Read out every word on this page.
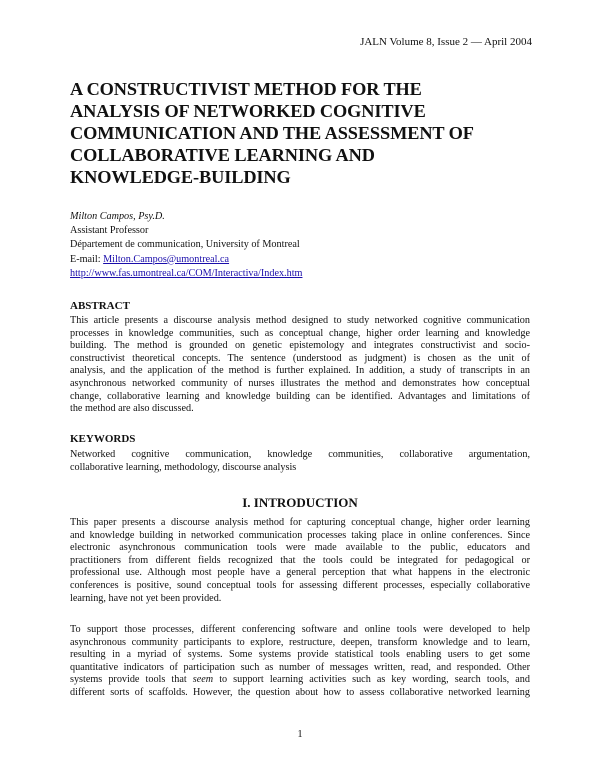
JALN Volume 8, Issue 2 — April 2004
A CONSTRUCTIVIST METHOD FOR THE
ANALYSIS OF NETWORKED COGNITIVE
COMMUNICATION AND THE ASSESSMENT OF
COLLABORATIVE LEARNING AND
KNOWLEDGE-BUILDING
Milton Campos, Psy.D.
Assistant Professor
Département de communication, University of Montreal
E-mail: Milton.Campos@umontreal.ca
http://www.fas.umontreal.ca/COM/Interactiva/Index.htm
ABSTRACT
This article presents a discourse analysis method designed to study networked cognitive communication
processes in knowledge communities, such as conceptual change, higher order learning and knowledge
building. The method is grounded on genetic epistemology and integrates constructivist and socio-
constructivist theoretical concepts. The sentence (understood as judgment) is chosen as the unit of
analysis, and the application of the method is further explained. In addition, a study of transcripts in an
asynchronous networked community of nurses illustrates the method and demonstrates how conceptual
change, collaborative learning and knowledge building can be identified. Advantages and limitations of
the method are also discussed.
KEYWORDS
Networked cognitive communication, knowledge communities, collaborative argumentation,
collaborative learning, methodology, discourse analysis
I. INTRODUCTION
This paper presents a discourse analysis method for capturing conceptual change, higher order learning
and knowledge building in networked communication processes taking place in online conferences. Since
electronic asynchronous communication tools were made available to the public, educators and
practitioners from different fields recognized that the tools could be integrated for pedagogical or
professional use. Although most people have a general perception that what happens in the electronic
conferences is positive, sound conceptual tools for assessing different processes, especially collaborative
learning, have not yet been provided.
To support those processes, different conferencing software and online tools were developed to help
asynchronous community participants to explore, restructure, deepen, transform knowledge and to learn,
resulting in a myriad of systems. Some systems provide statistical tools enabling users to get some
quantitative indicators of participation such as number of messages written, read, and responded. Other
systems provide tools that seem to support learning activities such as key wording, search tools, and
different sorts of scaffolds. However, the question about how to assess collaborative networked learning
1
